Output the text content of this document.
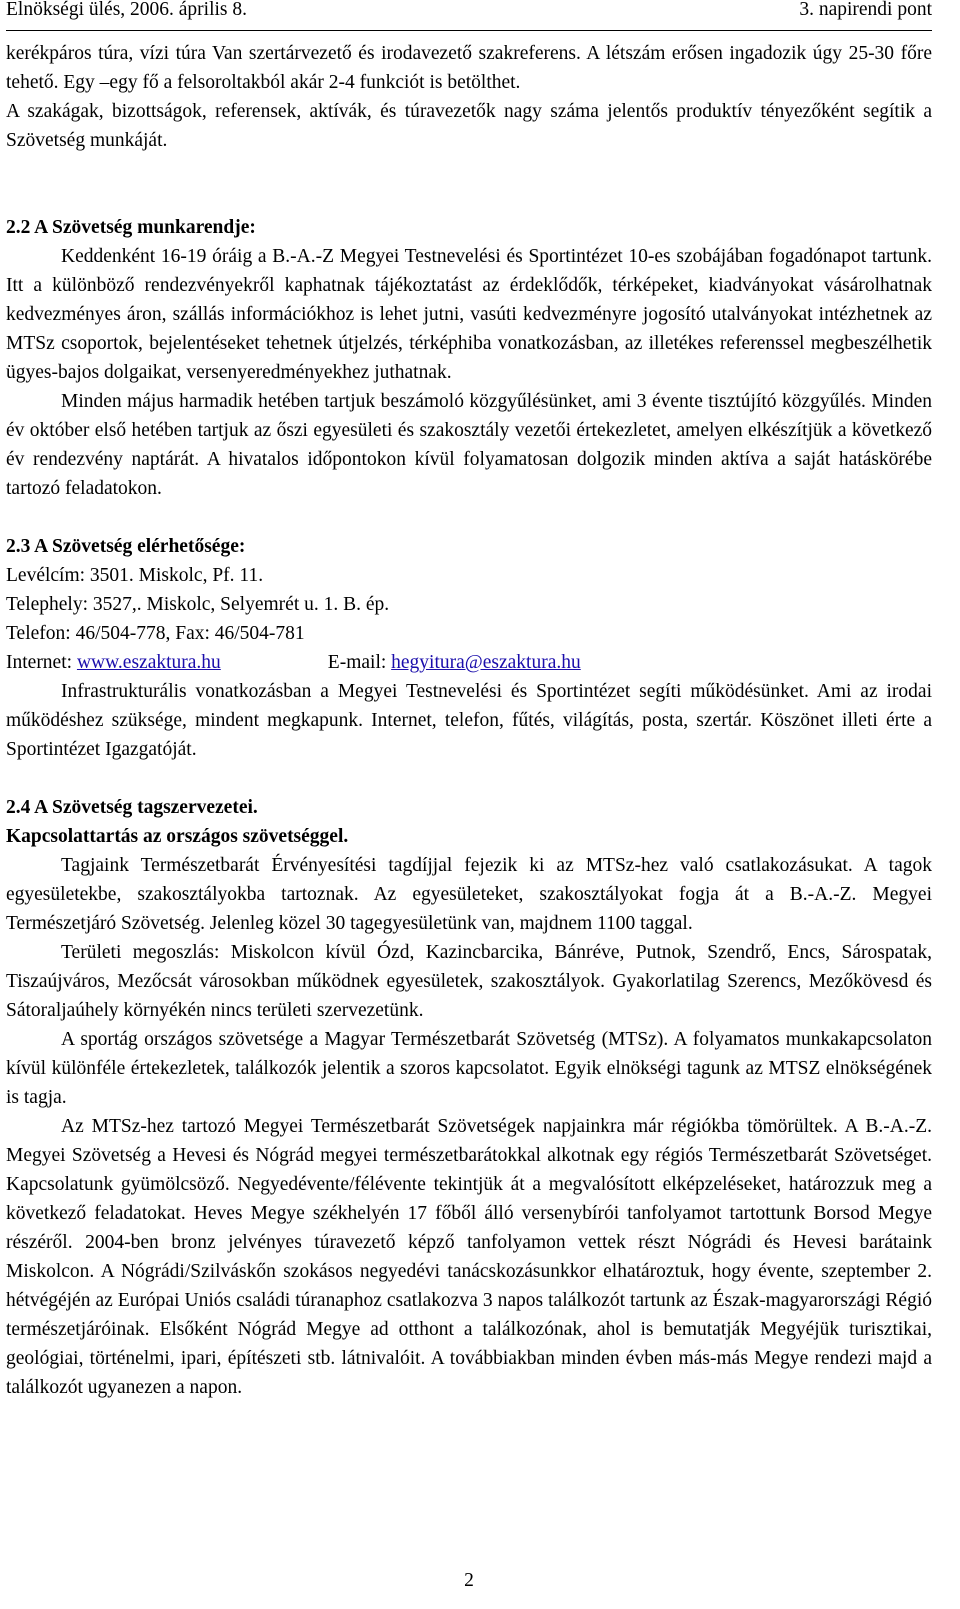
Elnökségi ülés, 2006. április 8.	3. napirendi pont

kerékpáros túra, vízi túra Van szertárvezető és irodavezető szakreferens. A létszám erősen ingadozik úgy 25-30 főre tehető. Egy –egy fő a felsoroltakból akár 2-4 funkciót is betölthet.

A szakágak, bizottságok, referensek, aktívák, és túravezetők nagy száma jelentős produktív tényezőként segítik a Szövetség munkáját.

2.2 A Szövetség munkarendje:

Keddenként 16-19 óráig a B.-A.-Z Megyei Testnevelési és Sportintézet 10-es szobájában fogadónapot tartunk. Itt a különböző rendezvényekről kaphatnak tájékoztatást az érdeklődők, térképeket, kiadványokat vásárolhatnak kedvezményes áron, szállás információkhoz is lehet jutni, vasúti kedvezményre jogosító utalványokat intézhetnek az MTSz csoportok, bejelentéseket tehetnek útjelzés, térképhiba vonatkozásban, az illetékes referenssel megbeszélhetik ügyes-bajos dolgaikat, versenyeredményekhez juthatnak.

Minden május harmadik hetében tartjuk beszámoló közgyűlésünket, ami 3 évente tisztújító közgyűlés. Minden év október első hetében tartjuk az őszi egyesületi és szakosztály vezetői értekezletet, amelyen elkészítjük a következő év rendezvény naptárát. A hivatalos időpontokon kívül folyamatosan dolgozik minden aktíva a saját hatáskörébe tartozó feladatokon.

2.3 A Szövetség elérhetősége:

Levélcím: 3501. Miskolc, Pf. 11.

Telephely: 3527,. Miskolc, Selyemrét u. 1. B. ép.

Telefon: 46/504-778, Fax: 46/504-781

Internet: www.eszaktura.hu	E-mail: hegyitura@eszaktura.hu

Infrastrukturális vonatkozásban a Megyei Testnevelési és Sportintézet segíti működésünket. Ami az irodai működéshez szüksége, mindent megkapunk. Internet, telefon, fűtés, világítás, posta, szertár. Köszönet illeti érte a Sportintézet Igazgatóját.

2.4 A Szövetség tagszervezetei.

Kapcsolattartás az országos szövetséggel.

Tagjaink Természetbarát Érvényesítési tagdíjjal fejezik ki az MTSz-hez való csatlakozásukat. A tagok egyesületekbe, szakosztályokba tartoznak. Az egyesületeket, szakosztályokat fogja át a B.-A.-Z. Megyei Természetjáró Szövetség. Jelenleg közel 30 tagegyesületünk van, majdnem 1100 taggal.

Területi megoszlás: Miskolcon kívül Ózd, Kazincbarcika, Bánréve, Putnok, Szendrő, Encs, Sárospatak, Tiszaújváros, Mezőcsát városokban működnek egyesületek, szakosztályok. Gyakorlatilag Szerencs, Mezőkövesd és Sátoraljaúhely környékén nincs területi szervezetünk.

A sportág országos szövetsége a Magyar Természetbarát Szövetség (MTSz). A folyamatos munkakapcsolaton kívül különféle értekezletek, találkozók jelentik a szoros kapcsolatot. Egyik elnökségi tagunk az MTSZ elnökségének is tagja.

Az MTSz-hez tartozó Megyei Természetbarát Szövetségek napjainkra már régiókba tömörültek. A B.-A.-Z. Megyei Szövetség a Hevesi és Nógrád megyei természetbarátokkal alkotnak egy régiós Természetbarát Szövetséget. Kapcsolatunk gyümölcsöző. Negyedévente/félévente tekintjük át a megvalósított elképzeléseket, határozzuk meg a következő feladatokat. Heves Megye székhelyén 17 főből álló versenybírói tanfolyamot tartottunk Borsod Megye részéről. 2004-ben bronz jelvényes túravezető képző tanfolyamon vettek részt Nógrádi és Hevesi barátaink Miskolcon. A Nógrádi/Szilváskőn szokásos negyedévi tanácskozásunkkor elhatároztuk, hogy évente, szeptember 2. hétvégéjén az Európai Uniós családi túranaphoz csatlakozva 3 napos találkozót tartunk az Észak-magyarországi Régió természetjáróinak. Elsőként Nógrád Megye ad otthont a találkozónak, ahol is bemutatják Megyéjük turisztikai, geológiai, történelmi, ipari, építészeti stb. látnivalóit. A továbbiakban minden évben más-más Megye rendezi majd a találkozót ugyanezen a napon.

2
